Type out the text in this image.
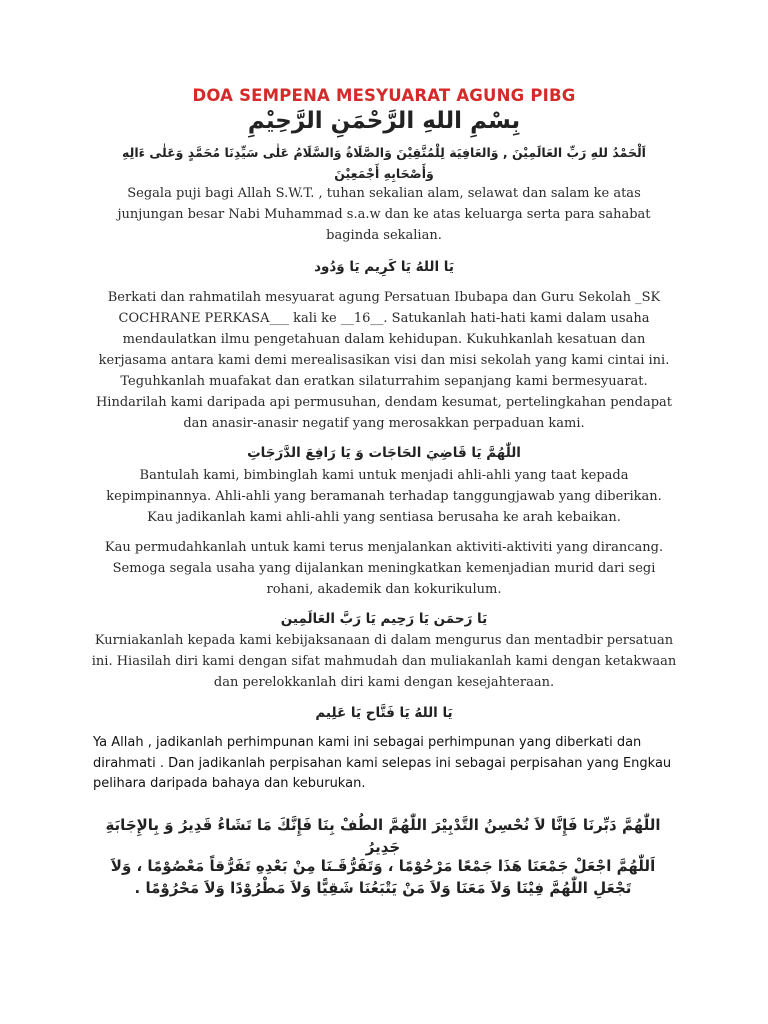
DOA SEMPENA MESYUARAT AGUNG PIBG
بِسْمِ اللهِ الرَّحْمَنِ الرَّحِيْمِ
اَلْحَمْدُ للهِ رَبِّ العَالَمِيْنَ , وَالعَافِيَة لِلْمُتَّقِيْنَ وَالصَّلَاةُ وَالسَّلَامُ عَلٰى سَيِّدِنَا مُحَمَّدٍ وَعَلٰى ءَالِهِ وَأَصْحَابِهِ أَجْمَعِيْنَ
Segala puji bagi Allah S.W.T. , tuhan sekalian alam, selawat dan salam ke atas junjungan besar Nabi Muhammad s.a.w dan ke atas keluarga serta para sahabat baginda sekalian.
يَا اللهُ يَا كَرِيم يَا وَدُود
Berkati dan rahmatilah mesyuarat agung Persatuan Ibubapa dan Guru Sekolah _SK COCHRANE PERKASA___ kali ke __16__. Satukanlah hati-hati kami dalam usaha mendaulatkan ilmu pengetahuan dalam kehidupan. Kukuhkanlah kesatuan dan kerjasama antara kami demi merealisasikan visi dan misi sekolah yang kami cintai ini. Teguhkanlah muafakat dan eratkan silaturrahim sepanjang kami bermesyuarat. Hindarilah kami daripada api permusuhan, dendam kesumat, pertelingkahan pendapat dan anasir-anasir negatif yang merosakkan perpaduan kami.
اللّٰهُمَّ يَا قَاضِيَ الحَاجَات وَ يَا رَافِعَ الدَّرَجَاتِ
Bantulah kami, bimbinglah kami untuk menjadi ahli-ahli yang taat kepada kepimpinannya. Ahli-ahli yang beramanah terhadap tanggungjawab yang diberikan. Kau jadikanlah kami ahli-ahli yang sentiasa berusaha ke arah kebaikan.
Kau permudahkanlah untuk kami terus menjalankan aktiviti-aktiviti yang dirancang. Semoga segala usaha yang dijalankan meningkatkan kemenjadian murid dari segi rohani, akademik dan kokurikulum.
يَا رَحمَن يَا رَحِيم يَا رَبَّ العَالَمِين
Kurniakanlah kepada kami kebijaksanaan di dalam mengurus dan mentadbir persatuan ini. Hiasilah diri kami dengan sifat mahmudah dan muliakanlah kami dengan ketakwaan dan perelokkanlah diri kami dengan kesejahteraan.
يَا اللهُ يَا فَتَّاح يَا عَلِيم
Ya Allah , jadikanlah perhimpunan kami ini sebagai perhimpunan yang diberkati dan dirahmati . Dan jadikanlah perpisahan kami selepas ini sebagai perpisahan yang Engkau pelihara daripada bahaya dan keburukan.
اللّٰهُمَّ دَبِّرنَا فَإِنَّا لاَ نُحْسِنُ التَّدْبِيْرَ اللّٰهُمَّ الطُفْ بِنَا فَإِنَّكَ مَا تَشَاءُ قَدِيرُ وَ بِالإِجَابَةِ جَدِيرُ
اَللّٰهُمَّ اجْعَلْ جَمْعَنَا هَذَا جَمْعًا مَرْحُوْمًا ، وَتَفَرُّقَـنَا مِنْ بَعْدِهِ تَفَرُّقاً مَعْصُوْمًا ، وَلاَ تَجْعَلِ اللّٰهُمَّ فِيْنَا وَلاَ مَعَنَا وَلاَ مَنْ يَتْبَعُنَا شَقِيًّا وَلاَ مَطْرُوْدًا وَلاَ مَحْرُوْمًا .
